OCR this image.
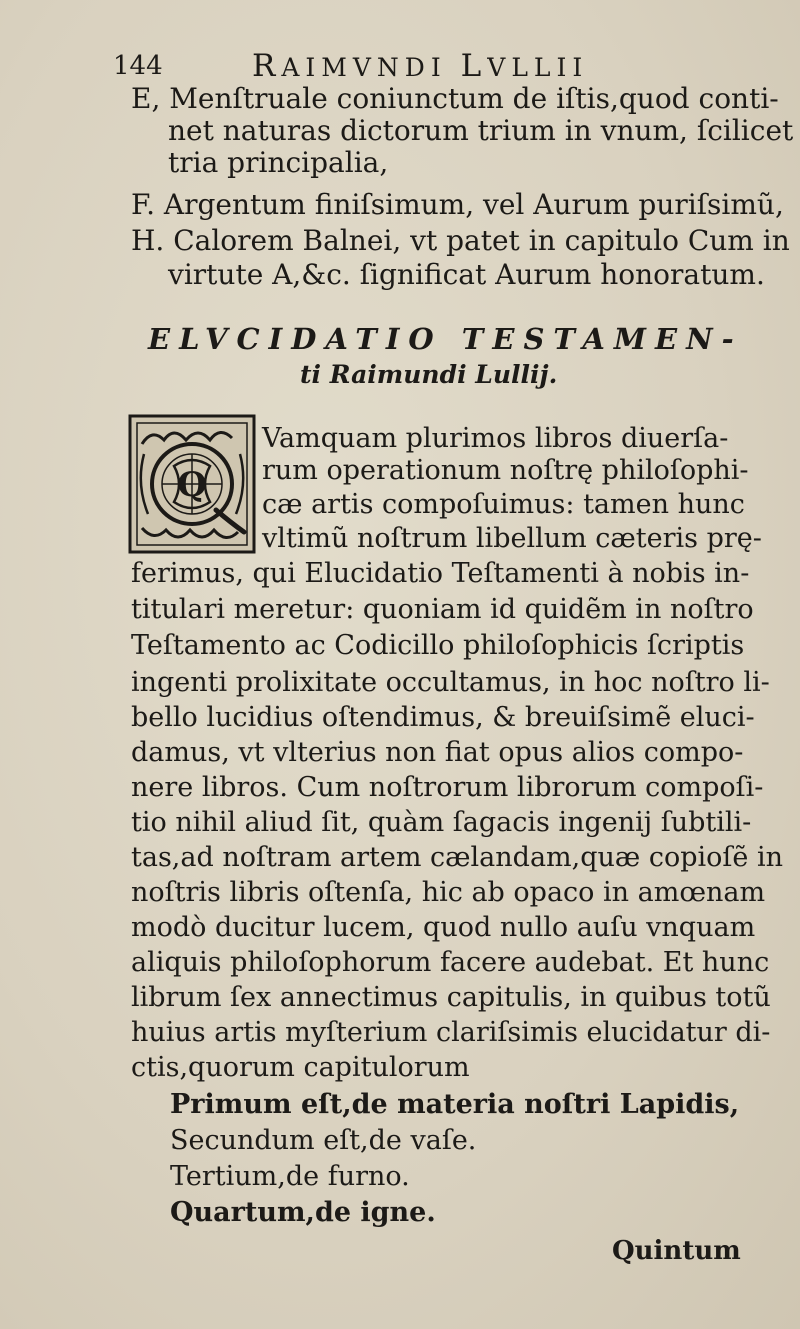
144	RAIMVNDI LVLLII
E, Menſtruale coniunctum de iſtis,quod conti-
net naturas dictorum trium in vnum, ſcilicet
tria principalia,
F. Argentum finiſsimum, vel Aurum puriſsimũ,
H. Calorem Balnei, vt patet in capitulo Cum in
virtute A,&c. ſignificat Aurum honoratum.
ELVCIDATIO TESTAMEN-
ti Raimundi Lullij.
Q
Vamquam plurimos libros diuerſa-
rum operationum noſtrę philoſophi-
cæ artis compoſuimus: tamen hunc
vltimũ noſtrum libellum cæteris prę-
ferimus, qui Elucidatio Teſtamenti à nobis in-
titulari meretur: quoniam id quidẽm in noſtro
Teſtamento ac Codicillo philoſophicis ſcriptis
ingenti prolixitate occultamus, in hoc noſtro li-
bello lucidius oſtendimus, & breuiſsimẽ eluci-
damus, vt vlterius non fiat opus alios compo-
nere libros. Cum noſtrorum librorum compoſi-
tio nihil aliud ſit, quàm ſagacis ingenij ſubtili-
tas,ad noſtram artem cælandam,quæ copioſẽ in
noſtris libris oſtenſa, hic ab opaco in amœnam
modò ducitur lucem, quod nullo auſu vnquam
aliquis philoſophorum facere audebat. Et hunc
librum ſex annectimus capitulis, in quibus totũ
huius artis myſterium clariſsimis elucidatur di-
ctis,quorum capitulorum
Primum eſt,de materia noſtri Lapidis,
Secundum eſt,de vaſe.
Tertium,de furno.
Quartum,de igne.
Quintum
